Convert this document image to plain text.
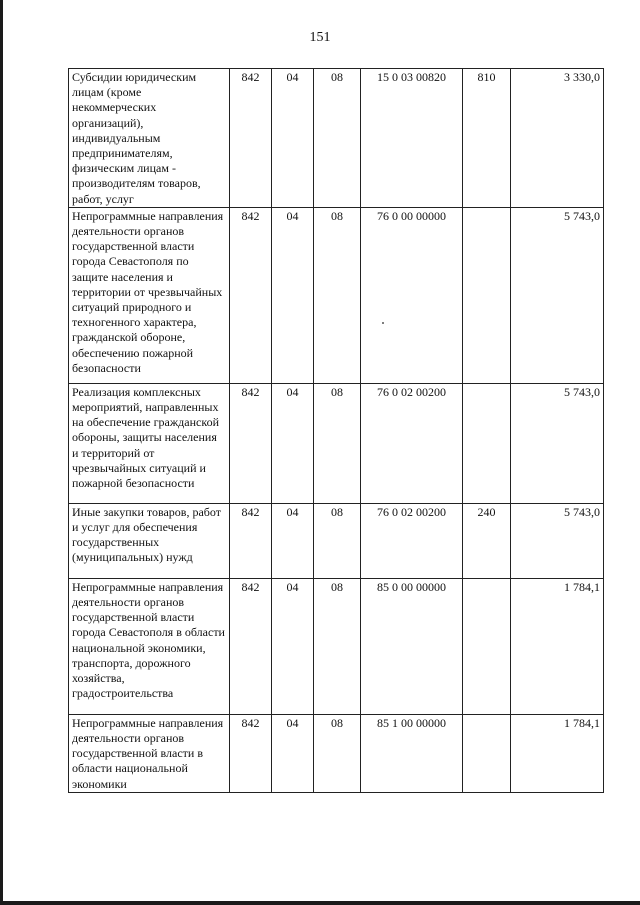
151
Субсидии юридическим лицам (кроме некоммерческих организаций), индивидуальным предпринимателям, физическим лицам - производителям товаров, работ, услуг	842	04	08	15 0 03 00820	810	3 330,0
Непрограммные направления деятельности органов государственной власти города Севастополя по защите населения и территории от чрезвычайных ситуаций природного и техногенного характера, гражданской обороне, обеспечению пожарной безопасности	842	04	08	76 0 00 00000		5 743,0
Реализация комплексных мероприятий, направленных на обеспечение гражданской обороны, защиты населения и территорий от чрезвычайных ситуаций и пожарной безопасности	842	04	08	76 0 02 00200		5 743,0
Иные закупки товаров, работ и услуг для обеспечения государственных (муниципальных) нужд	842	04	08	76 0 02 00200	240	5 743,0
Непрограммные направления деятельности органов государственной власти города Севастополя в области национальной экономики, транспорта, дорожного хозяйства, градостроительства	842	04	08	85 0 00 00000		1 784,1
Непрограммные направления деятельности органов государственной власти в области национальной экономики	842	04	08	85 1 00 00000		1 784,1
